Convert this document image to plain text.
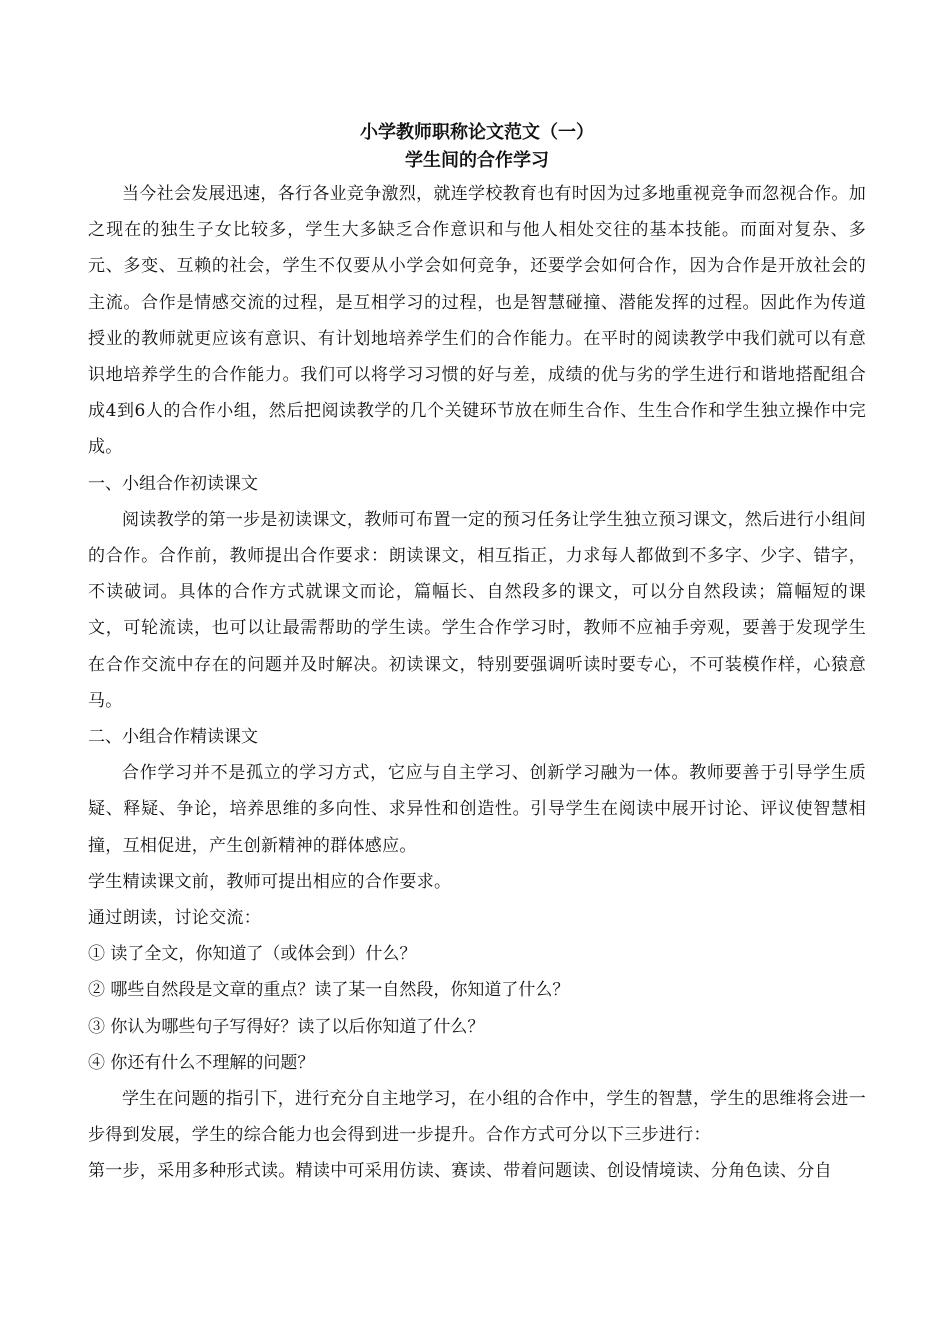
小学教师职称论文范文（一）

学生间的合作学习

当今社会发展迅速，各行各业竞争激烈，就连学校教育也有时因为过多地重视竞争而忽视合作。加之现在的独生子女比较多，学生大多缺乏合作意识和与他人相处交往的基本技能。而面对复杂、多元、多变、互赖的社会，学生不仅要从小学会如何竞争，还要学会如何合作，因为合作是开放社会的主流。合作是情感交流的过程，是互相学习的过程，也是智慧碰撞、潜能发挥的过程。因此作为传道授业的教师就更应该有意识、有计划地培养学生们的合作能力。在平时的阅读教学中我们就可以有意识地培养学生的合作能力。我们可以将学习习惯的好与差，成绩的优与劣的学生进行和谐地搭配组合成4到6人的合作小组，然后把阅读教学的几个关键环节放在师生合作、生生合作和学生独立操作中完成。

一、小组合作初读课文

阅读教学的第一步是初读课文，教师可布置一定的预习任务让学生独立预习课文，然后进行小组间的合作。合作前，教师提出合作要求：朗读课文，相互指正，力求每人都做到不多字、少字、错字，不读破词。具体的合作方式就课文而论，篇幅长、自然段多的课文，可以分自然段读；篇幅短的课文，可轮流读，也可以让最需帮助的学生读。学生合作学习时，教师不应袖手旁观，要善于发现学生在合作交流中存在的问题并及时解决。初读课文，特别要强调听读时要专心，不可装模作样，心猿意马。

二、小组合作精读课文

合作学习并不是孤立的学习方式，它应与自主学习、创新学习融为一体。教师要善于引导学生质疑、释疑、争论，培养思维的多向性、求异性和创造性。引导学生在阅读中展开讨论、评议使智慧相撞，互相促进，产生创新精神的群体感应。

学生精读课文前，教师可提出相应的合作要求。

通过朗读，讨论交流：

① 读了全文，你知道了（或体会到）什么？

② 哪些自然段是文章的重点？读了某一自然段，你知道了什么？

③ 你认为哪些句子写得好？读了以后你知道了什么？

④ 你还有什么不理解的问题？

学生在问题的指引下，进行充分自主地学习，在小组的合作中，学生的智慧，学生的思维将会进一步得到发展，学生的综合能力也会得到进一步提升。合作方式可分以下三步进行：

第一步，采用多种形式读。精读中可采用仿读、赛读、带着问题读、创设情境读、分角色读、分自
